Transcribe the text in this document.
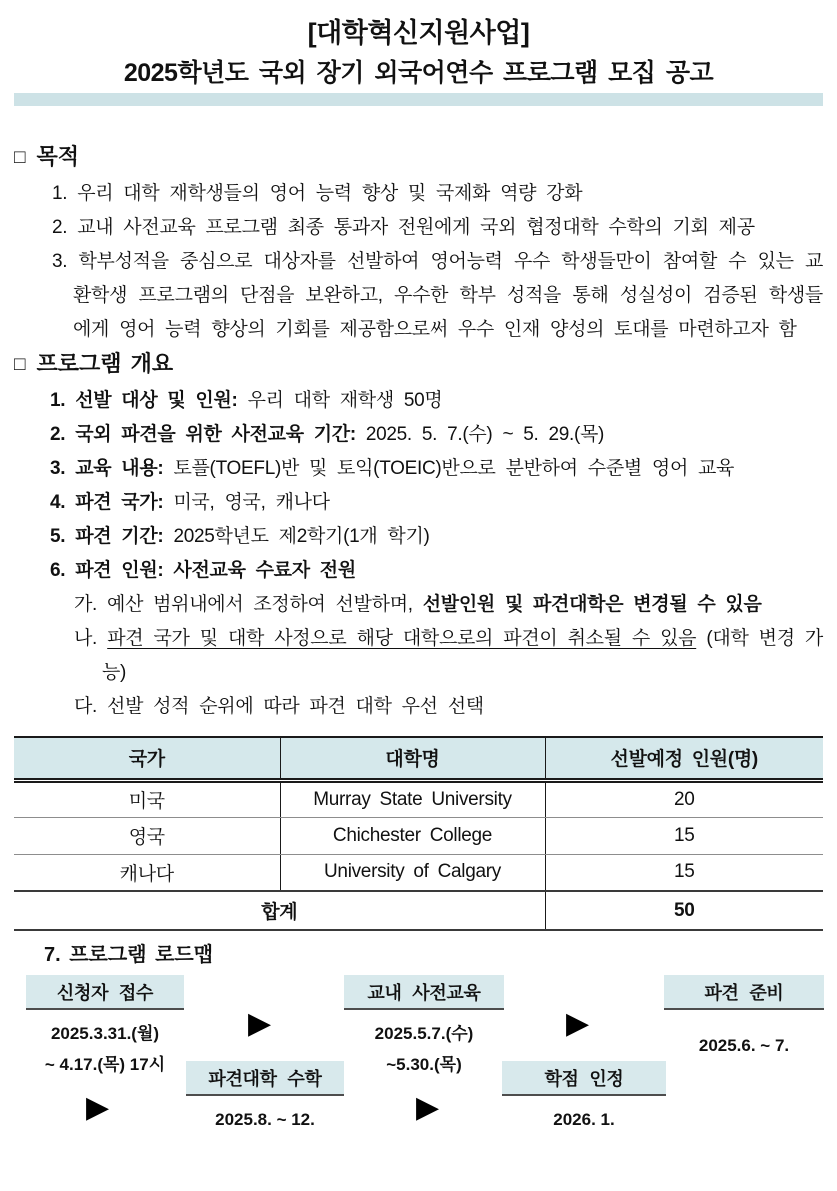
[대학혁신지원사업]
2025학년도 국외 장기 외국어연수 프로그램 모집 공고
□ 목적
1. 우리 대학 재학생들의 영어 능력 향상 및 국제화 역량 강화
2. 교내 사전교육 프로그램 최종 통과자 전원에게 국외 협정대학 수학의 기회 제공
3. 학부성적을 중심으로 대상자를 선발하여 영어능력 우수 학생들만이 참여할 수 있는 교환학생 프로그램의 단점을 보완하고, 우수한 학부 성적을 통해 성실성이 검증된 학생들에게 영어 능력 향상의 기회를 제공함으로써 우수 인재 양성의 토대를 마련하고자 함
□ 프로그램 개요
1. 선발 대상 및 인원: 우리 대학 재학생 50명
2. 국외 파견을 위한 사전교육 기간: 2025. 5. 7.(수) ~ 5. 29.(목)
3. 교육 내용: 토플(TOEFL)반 및 토익(TOEIC)반으로 분반하여 수준별 영어 교육
4. 파견 국가: 미국, 영국, 캐나다
5. 파견 기간: 2025학년도 제2학기(1개 학기)
6. 파견 인원: 사전교육 수료자 전원
가. 예산 범위내에서 조정하여 선발하며, 선발인원 및 파견대학은 변경될 수 있음
나. 파견 국가 및 대학 사정으로 해당 대학으로의 파견이 취소될 수 있음 (대학 변경 가능)
다. 선발 성적 순위에 따라 파견 대학 우선 선택
국가	대학명	선발예정 인원(명)
미국	Murray State University	20
영국	Chichester College	15
캐나다	University of Calgary	15
합계		50
7. 프로그램 로드맵
신청자 접수
2025.3.31.(월)
~ 4.17.(목) 17시
▶
교내 사전교육
2025.5.7.(수)
~5.30.(목)
▶
파견 준비
2025.6. ~ 7.
▶
파견대학 수학
2025.8. ~ 12.	▶
학점 인정
2026. 1.
